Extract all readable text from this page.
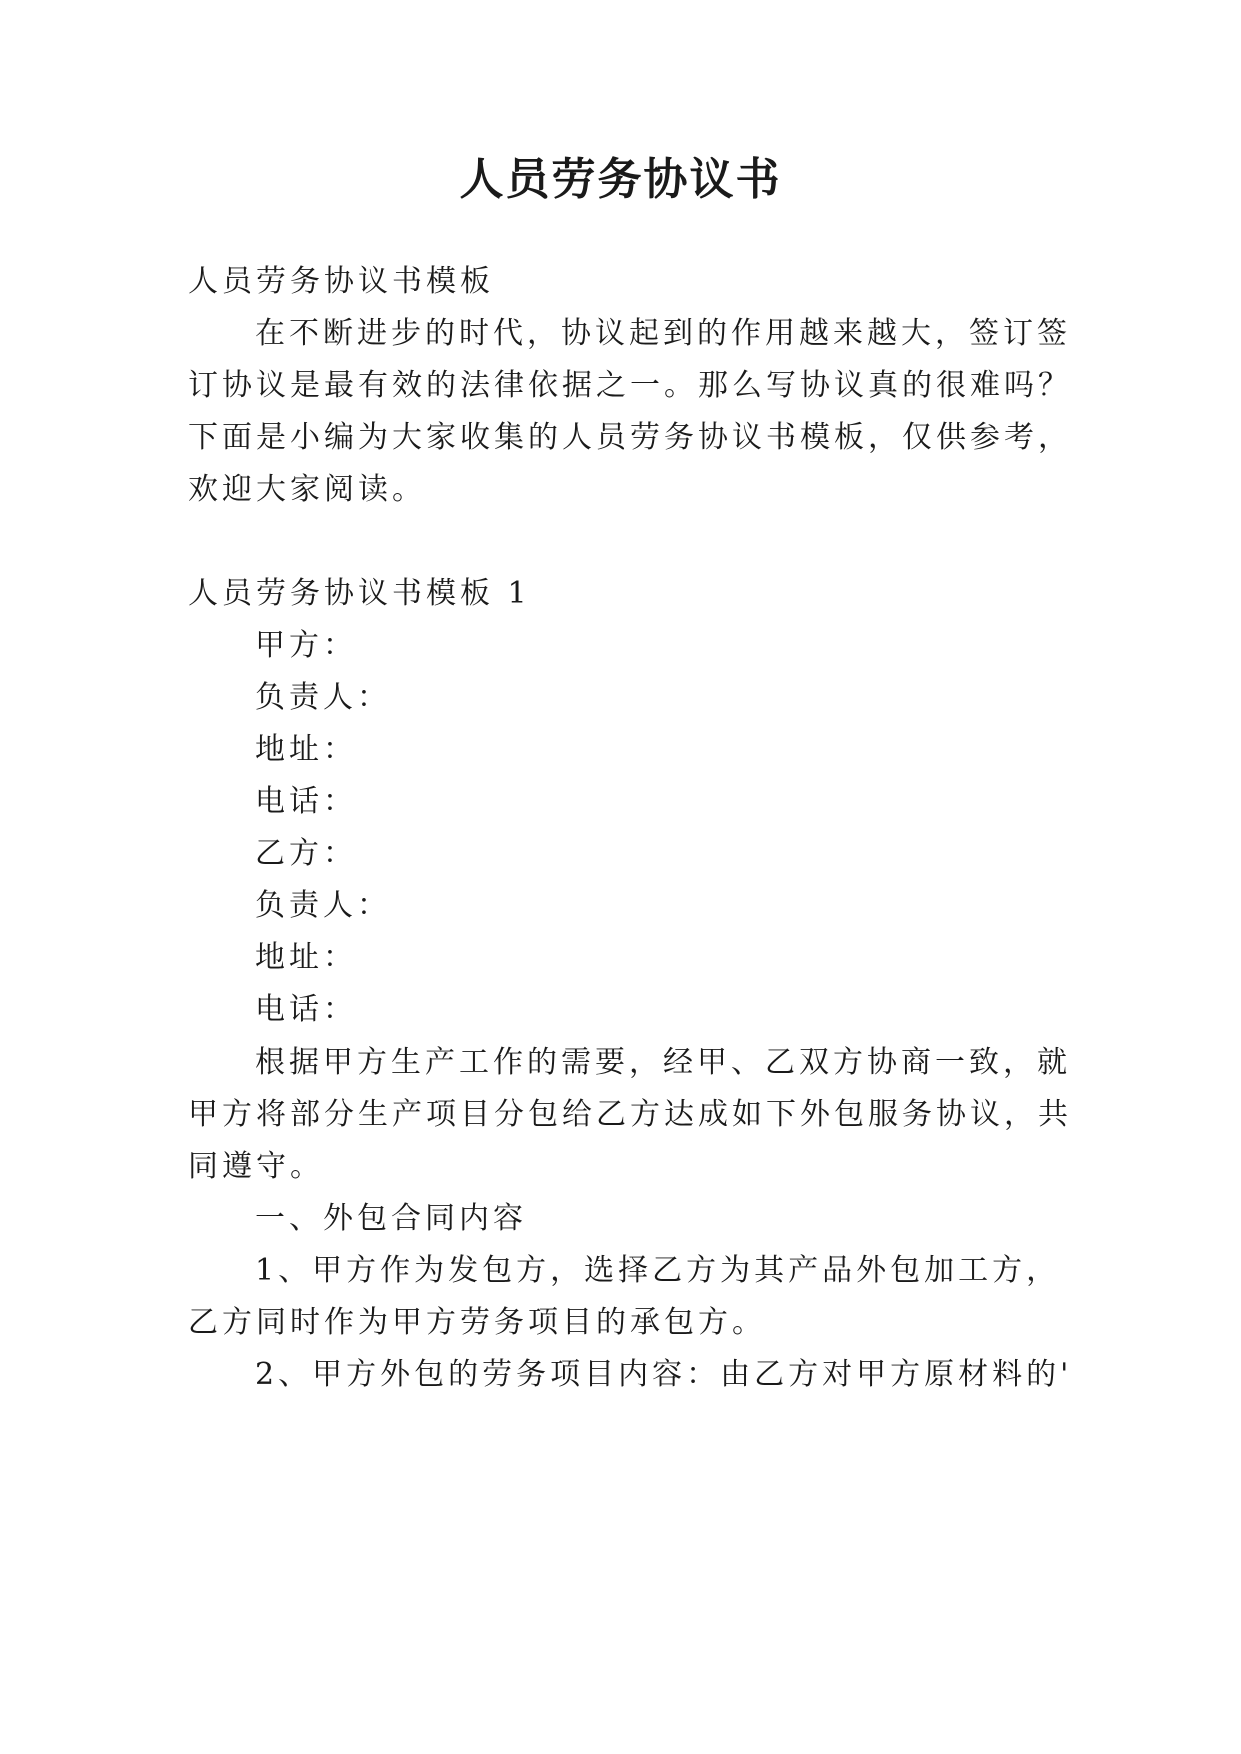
人员劳务协议书
人员劳务协议书模板
在不断进步的时代，协议起到的作用越来越大，签订签
订协议是最有效的法律依据之一。那么写协议真的很难吗？
下面是小编为大家收集的人员劳务协议书模板，仅供参考，
欢迎大家阅读。
人员劳务协议书模板 1
甲方：
负责人：
地址：
电话：
乙方：
负责人：
地址：
电话：
根据甲方生产工作的需要，经甲、乙双方协商一致，就
甲方将部分生产项目分包给乙方达成如下外包服务协议，共
同遵守。
一、外包合同内容
1、甲方作为发包方，选择乙方为其产品外包加工方，
乙方同时作为甲方劳务项目的承包方。
2、甲方外包的劳务项目内容：由乙方对甲方原材料的'
